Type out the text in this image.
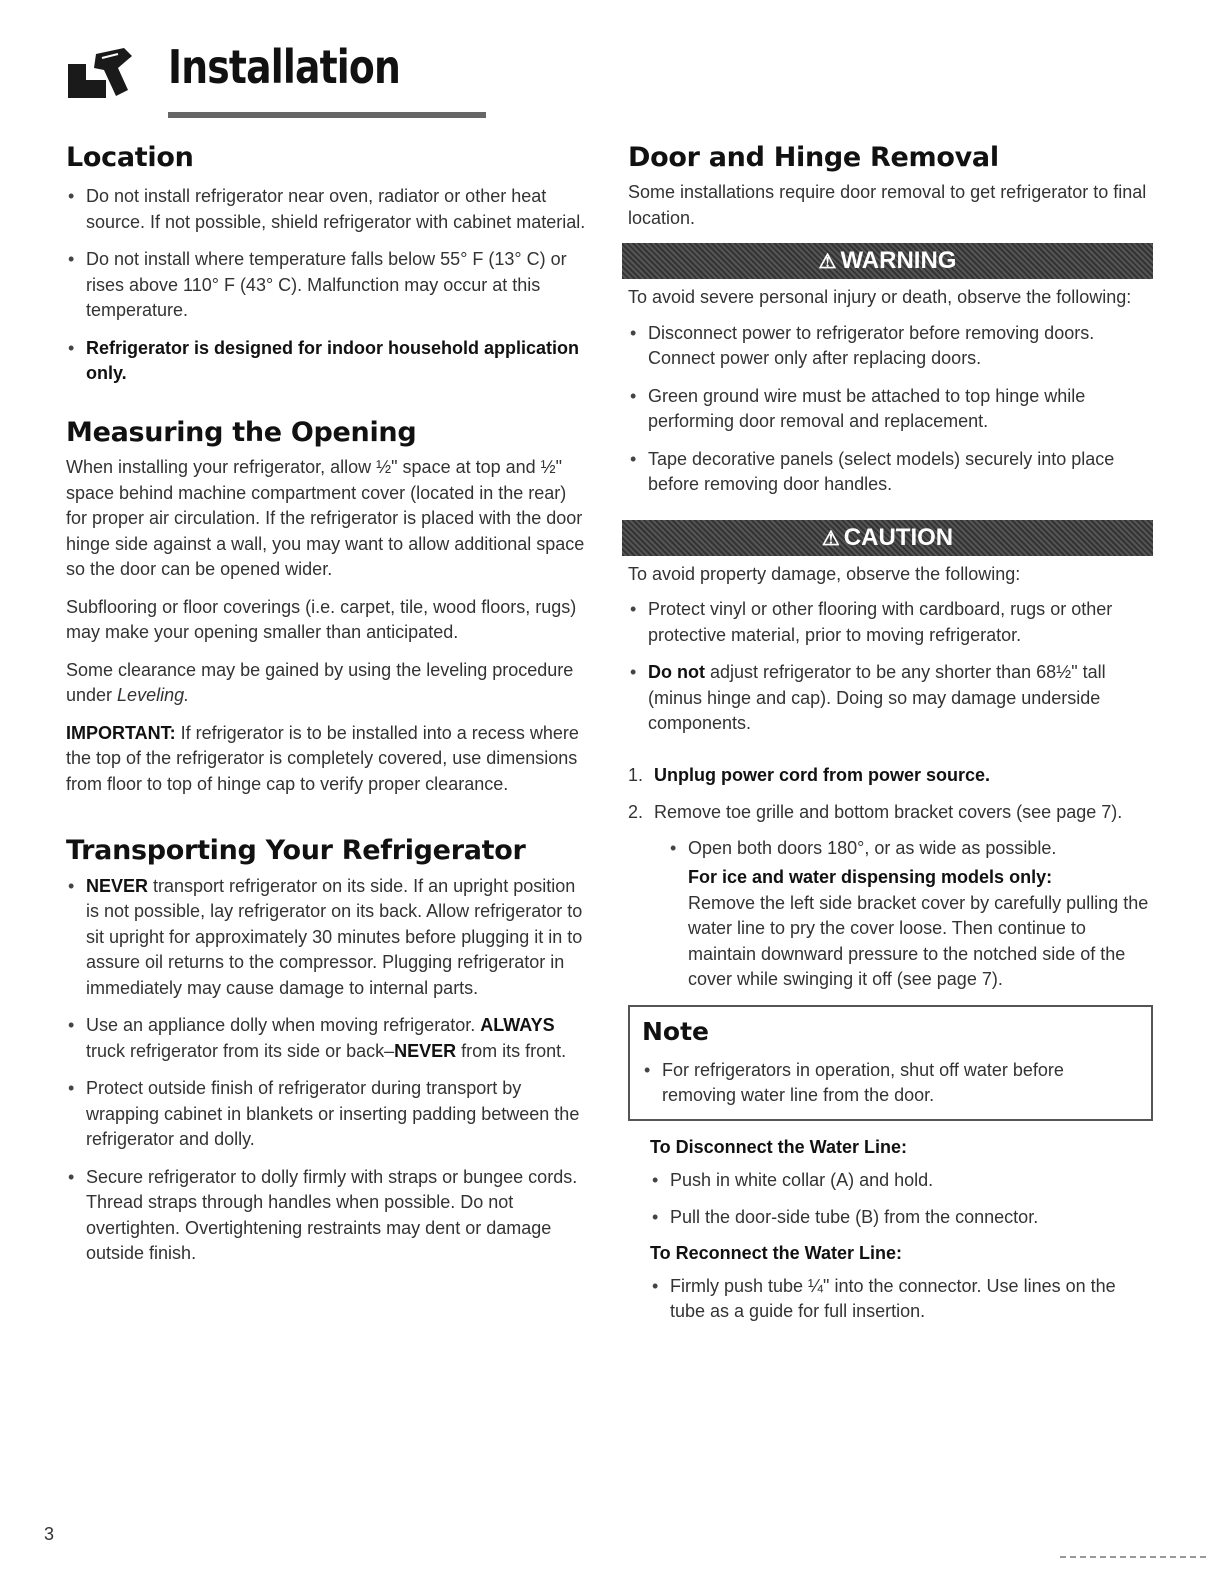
Installation
Location
• Do not install refrigerator near oven, radiator or other heat source. If not possible, shield refrigerator with cabinet material.
• Do not install where temperature falls below 55° F (13° C) or rises above 110° F (43° C). Malfunction may occur at this temperature.
• Refrigerator is designed for indoor household application only.
Measuring the Opening
When installing your refrigerator, allow ½" space at top and ½" space behind machine compartment cover (located in the rear) for proper air circulation. If the refrigerator is placed with the door hinge side against a wall, you may want to allow additional space so the door can be opened wider.
Subflooring or floor coverings (i.e. carpet, tile, wood floors, rugs) may make your opening smaller than anticipated.
Some clearance may be gained by using the leveling procedure under Leveling.
IMPORTANT: If refrigerator is to be installed into a recess where the top of the refrigerator is completely covered, use dimensions from floor to top of hinge cap to verify proper clearance.
Transporting Your Refrigerator
• NEVER transport refrigerator on its side. If an upright position is not possible, lay refrigerator on its back. Allow refrigerator to sit upright for approximately 30 minutes before plugging it in to assure oil returns to the compressor. Plugging refrigerator in immediately may cause damage to internal parts.
• Use an appliance dolly when moving refrigerator. ALWAYS truck refrigerator from its side or back–NEVER from its front.
• Protect outside finish of refrigerator during transport by wrapping cabinet in blankets or inserting padding between the refrigerator and dolly.
• Secure refrigerator to dolly firmly with straps or bungee cords. Thread straps through handles when possible. Do not overtighten. Overtightening restraints may dent or damage outside finish.
Door and Hinge Removal
Some installations require door removal to get refrigerator to final location.
⚠ WARNING
To avoid severe personal injury or death, observe the following:
• Disconnect power to refrigerator before removing doors. Connect power only after replacing doors.
• Green ground wire must be attached to top hinge while performing door removal and replacement.
• Tape decorative panels (select models) securely into place before removing door handles.
⚠ CAUTION
To avoid property damage, observe the following:
• Protect vinyl or other flooring with cardboard, rugs or other protective material, prior to moving refrigerator.
• Do not adjust refrigerator to be any shorter than 68½" tall (minus hinge and cap). Doing so may damage underside components.
1. Unplug power cord from power source.
2. Remove toe grille and bottom bracket covers (see page 7).
• Open both doors 180°, or as wide as possible.
For ice and water dispensing models only:
Remove the left side bracket cover by carefully pulling the water line to pry the cover loose. Then continue to maintain downward pressure to the notched side of the cover while swinging it off (see page 7).
Note
• For refrigerators in operation, shut off water before removing water line from the door.
To Disconnect the Water Line:
• Push in white collar (A) and hold.
• Pull the door-side tube (B) from the connector.
To Reconnect the Water Line:
• Firmly push tube ¼" into the connector. Use lines on the tube as a guide for full insertion.
3
